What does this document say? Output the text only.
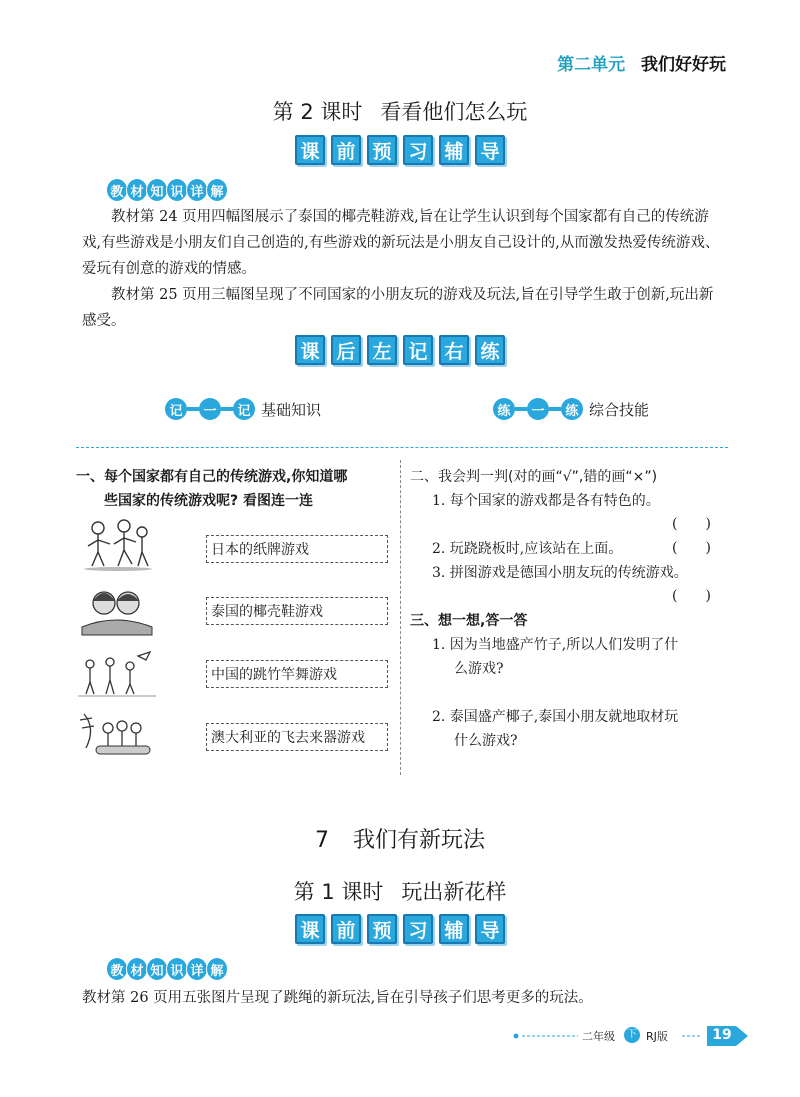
第二单元 我们好好玩
第 2 课时 看看他们怎么玩
课 前 预 习 辅 导
教 材 知 识 详 解
教材第 24 页用四幅图展示了泰国的椰壳鞋游戏,旨在让学生认识到每个国家都有自己的传统游戏,有些游戏是小朋友们自己创造的,有些游戏的新玩法是小朋友自己设计的,从而激发热爱传统游戏、爱玩有创意的游戏的情感。
教材第 25 页用三幅图呈现了不同国家的小朋友玩的游戏及玩法,旨在引导学生敢于创新,玩出新感受。
课 后 左 记 右 练
记	一	记 基础知识	练	一	练 综合技能
一、每个国家都有自己的传统游戏,你知道哪
些国家的传统游戏呢? 看图连一连
日本的纸牌游戏
泰国的椰壳鞋游戏
中国的跳竹竿舞游戏
澳大利亚的飞去来器游戏
二、我会判一判(对的画“√”,错的画“×”)
1. 每个国家的游戏都是各有特色的。
(　　)
2. 玩跷跷板时,应该站在上面。	(　　)
3. 拼图游戏是德国小朋友玩的传统游戏。
(　　)
三、想一想,答一答
1. 因为当地盛产竹子,所以人们发明了什
么游戏?
2. 泰国盛产椰子,泰国小朋友就地取材玩
什么游戏?
7 我们有新玩法
第 1 课时 玩出新花样
课 前 预 习 辅 导
教 材 知 识 详 解
教材第 26 页用五张图片呈现了跳绳的新玩法,旨在引导孩子们思考更多的玩法。
二年级	下 RJ版	19
